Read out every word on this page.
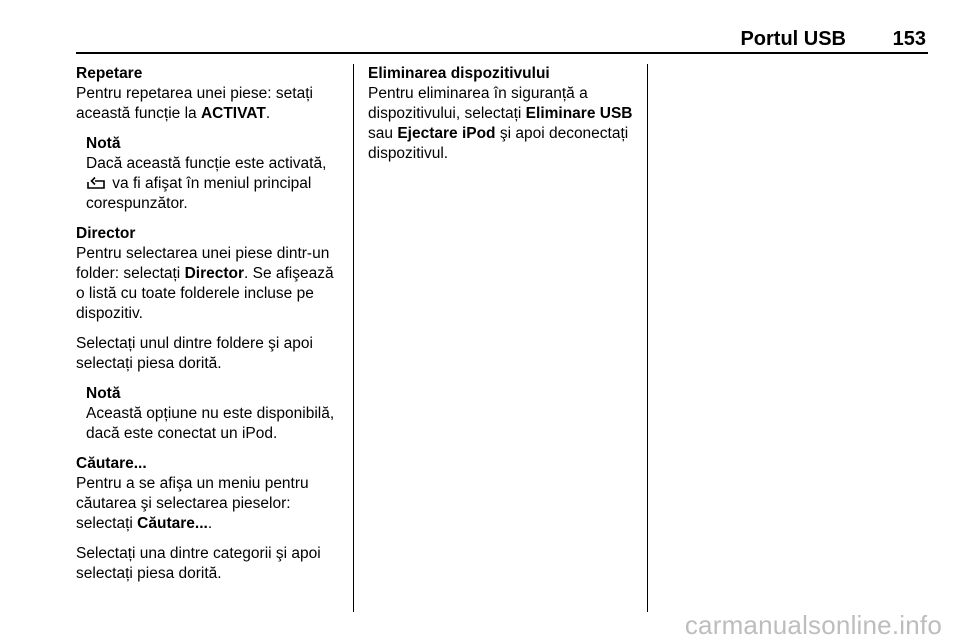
Portul USB 153
Repetare
Pentru repetarea unei piese: setați această funcție la ACTIVAT.
Notă
Dacă această funcție este activată,
va fi afişat în meniul principal corespunzător.
Director
Pentru selectarea unei piese dintr-un folder: selectați Director. Se afişează o listă cu toate folderele incluse pe dispozitiv.

Selectați unul dintre foldere şi apoi selectați piesa dorită.

Notă
Această opțiune nu este disponibilă, dacă este conectat un iPod.
Căutare...
Pentru a se afişa un meniu pentru căutarea şi selectarea pieselor: selectați Căutare....

Selectați una dintre categorii şi apoi selectați piesa dorită.

Eliminarea dispozitivului
Pentru eliminarea în siguranță a dispozitivului, selectați Eliminare USB sau Ejectare iPod şi apoi deconectați dispozitivul.
carmanualsonline.info
